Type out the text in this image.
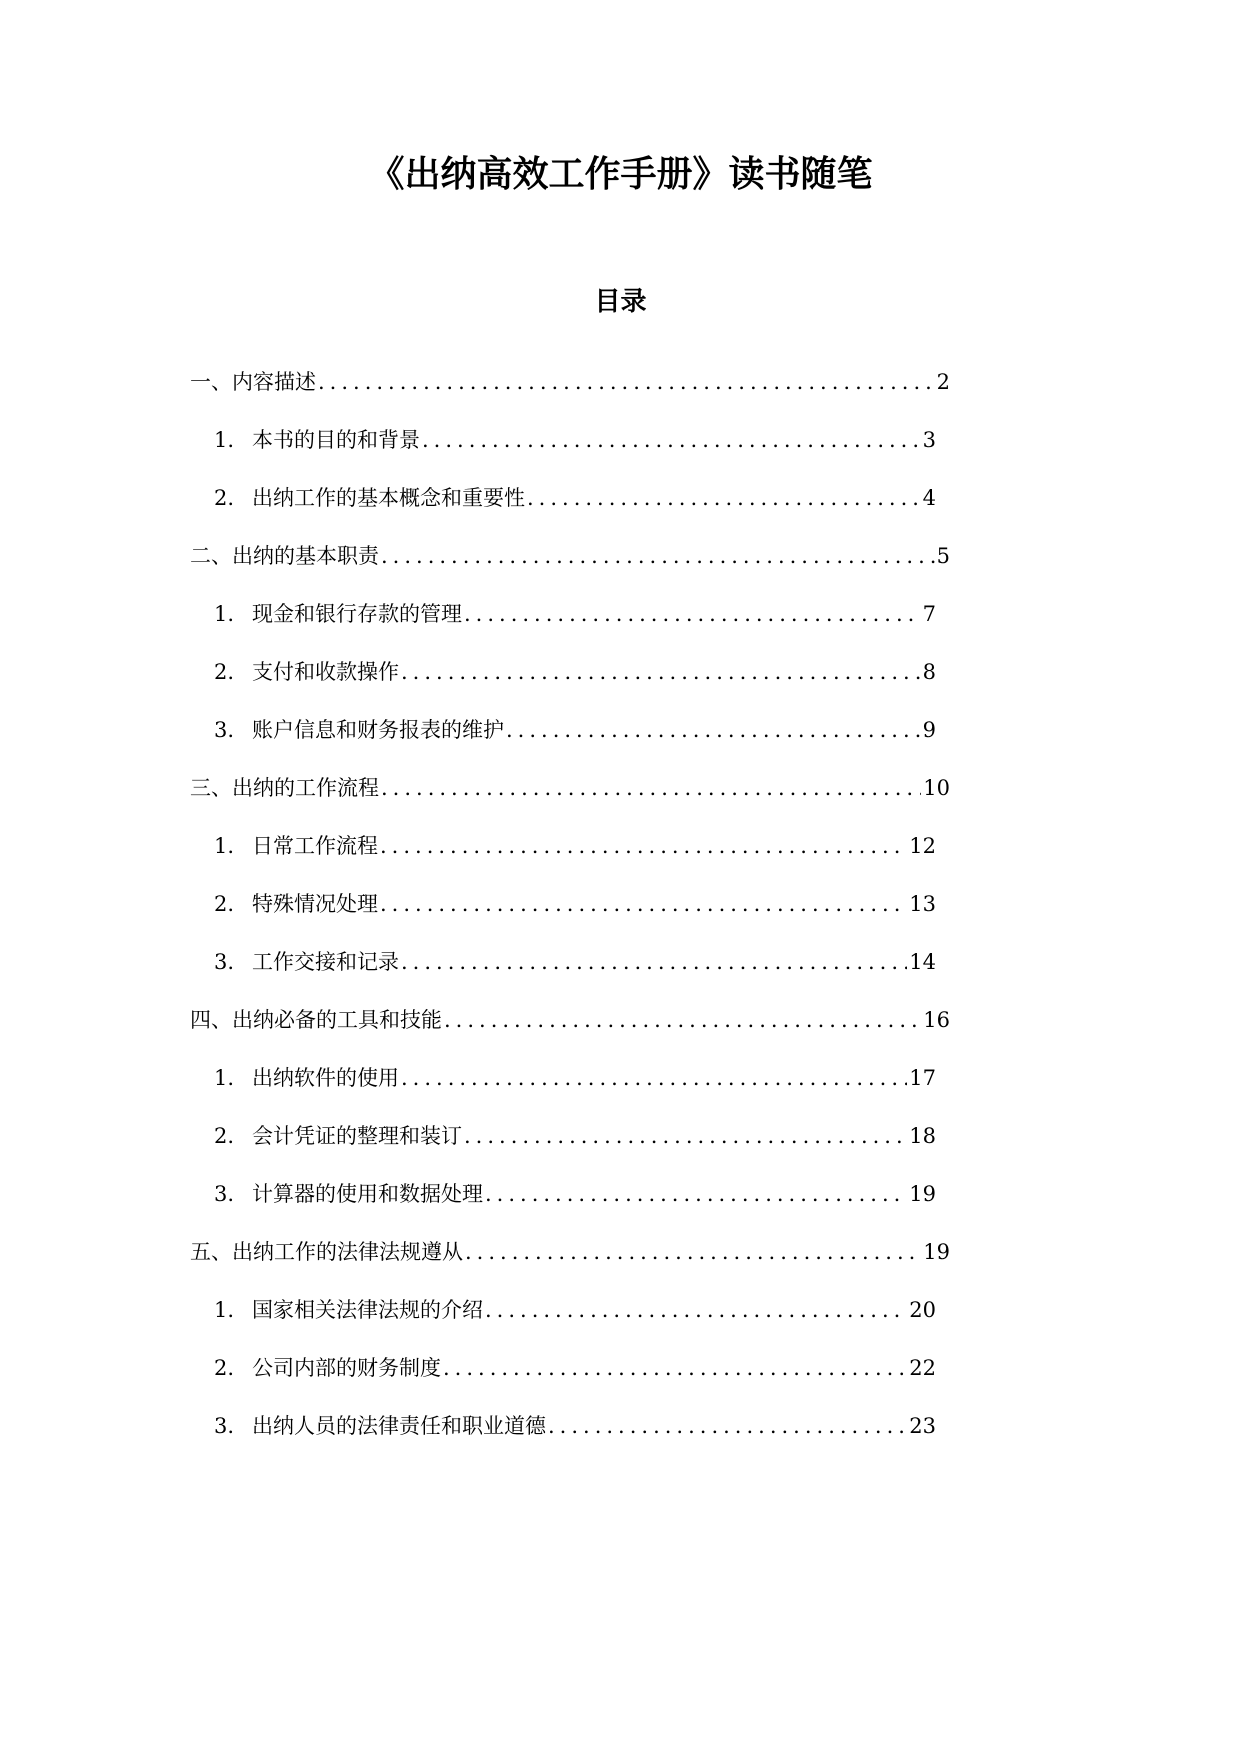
《出纳高效工作手册》读书随笔
目录
一、内容描述 .....	2
1. 本书的目的和背景 .....	3
2. 出纳工作的基本概念和重要性 .....	4
二、出纳的基本职责 .....	5
1. 现金和银行存款的管理 .....	7
2. 支付和收款操作 .....	8
3. 账户信息和财务报表的维护 .....	9
三、出纳的工作流程 .....	10
1. 日常工作流程 .....	12
2. 特殊情况处理 .....	13
3. 工作交接和记录 .....	14
四、出纳必备的工具和技能 .....	16
1. 出纳软件的使用 .....	17
2. 会计凭证的整理和装订 .....	18
3. 计算器的使用和数据处理 .....	19
五、出纳工作的法律法规遵从 .....	19
1. 国家相关法律法规的介绍 .....	20
2. 公司内部的财务制度 .....	22
3. 出纳人员的法律责任和职业道德 .....	23
